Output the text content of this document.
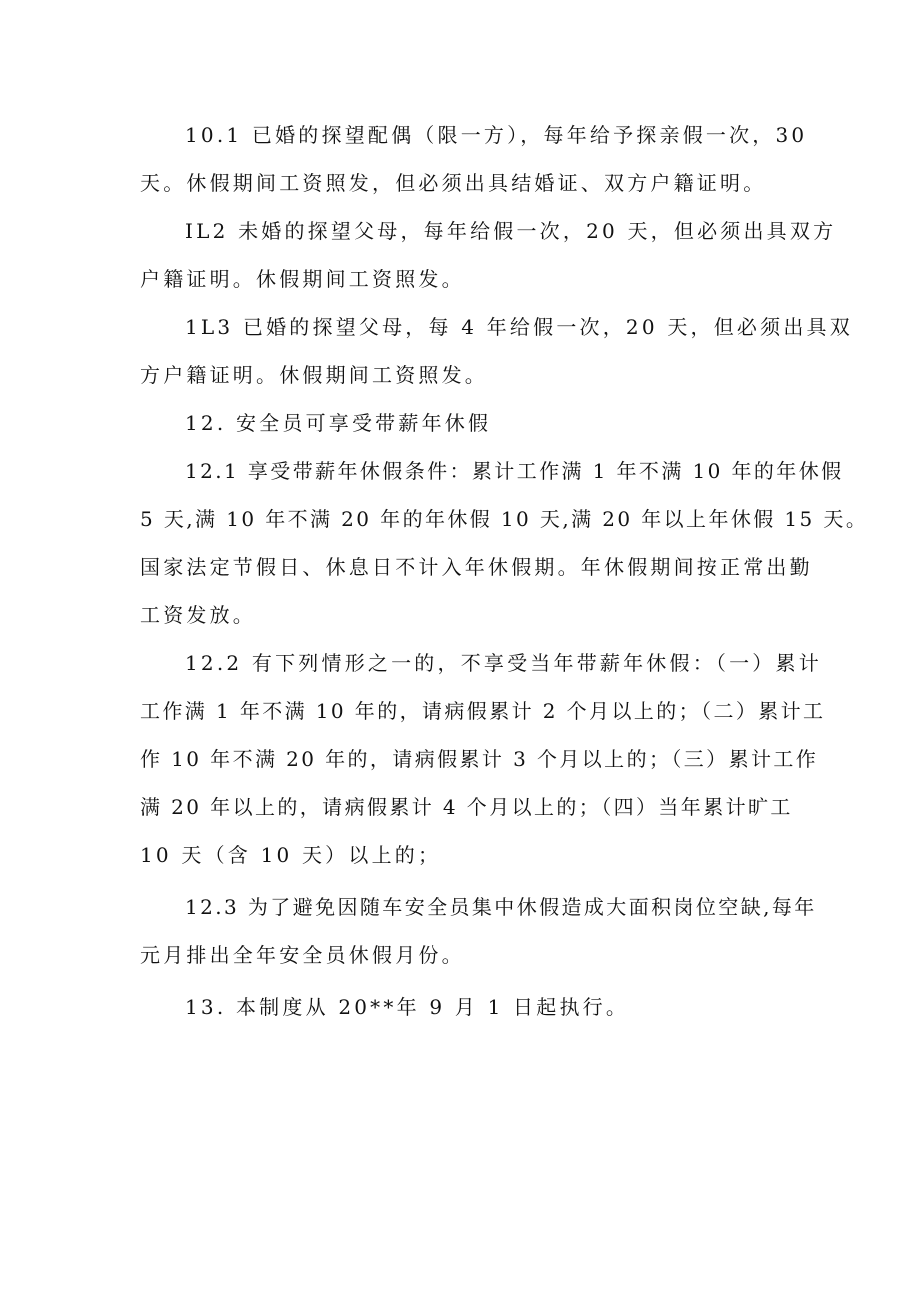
10.1 已婚的探望配偶（限一方），每年给予探亲假一次，30
天。休假期间工资照发，但必须出具结婚证、双方户籍证明。
IL2 未婚的探望父母，每年给假一次，20 天，但必须出具双方
户籍证明。休假期间工资照发。
1L3 已婚的探望父母，每 4 年给假一次，20 天，但必须出具双
方户籍证明。休假期间工资照发。
12. 安全员可享受带薪年休假
12.1 享受带薪年休假条件：累计工作满 1 年不满 10 年的年休假
5 天,满 10 年不满 20 年的年休假 10 天,满 20 年以上年休假 15 天。
国家法定节假日、休息日不计入年休假期。年休假期间按正常出勤
工资发放。
12.2 有下列情形之一的，不享受当年带薪年休假：（一）累计
工作满 1 年不满 10 年的，请病假累计 2 个月以上的；（二）累计工
作 10 年不满 20 年的，请病假累计 3 个月以上的；（三）累计工作
满 20 年以上的，请病假累计 4 个月以上的；（四）当年累计旷工
10 天（含 10 天）以上的；
12.3 为了避免因随车安全员集中休假造成大面积岗位空缺,每年
元月排出全年安全员休假月份。
13. 本制度从 20**年 9 月 1 日起执行。
